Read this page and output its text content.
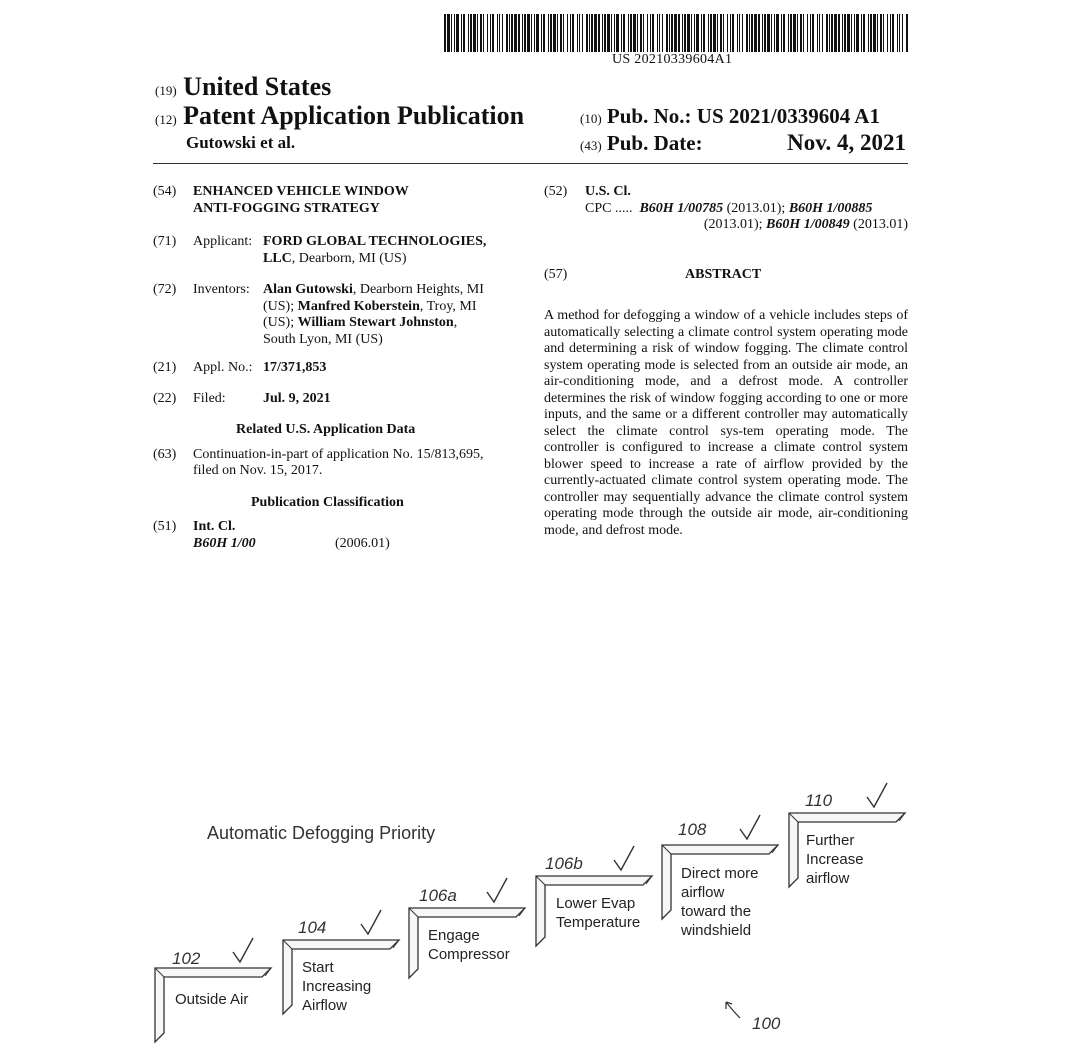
US 20210339604A1
(19) United States
(12) Patent Application Publication
Gutowski et al.
(10) Pub. No.: US 2021/0339604 A1
(43) Pub. Date:	Nov. 4, 2021
(54) ENHANCED VEHICLE WINDOW
ANTI-FOGGING STRATEGY
(71) Applicant: FORD GLOBAL TECHNOLOGIES,
LLC, Dearborn, MI (US)
(72) Inventors: Alan Gutowski, Dearborn Heights, MI
(US); Manfred Koberstein, Troy, MI
(US); William Stewart Johnston,
South Lyon, MI (US)
(21) Appl. No.: 17/371,853
(22) Filed:	Jul. 9, 2021
Related U.S. Application Data
(63) Continuation-in-part of application No. 15/813,695,
filed on Nov. 15, 2017.
Publication Classification
(51) Int. Cl.
B60H 1/00	(2006.01)
(52) U.S. Cl.
CPC ..... B60H 1/00785 (2013.01); B60H 1/00885
(2013.01); B60H 1/00849 (2013.01)
(57)	ABSTRACT
A method for defogging a window of a vehicle includes steps of automatically selecting a climate control system operating mode and determining a risk of window fogging. The climate control system operating mode is selected from an outside air mode, an air-conditioning mode, and a defrost mode. A controller determines the risk of window fogging according to one or more inputs, and the same or a different controller may automatically select the climate control sys-tem operating mode. The controller is configured to increase a climate control system blower speed to increase a rate of airflow provided by the currently-actuated climate control system operating mode. The controller may sequentially advance the climate control system operating mode through the outside air mode, air-conditioning mode, and defrost mode.
Automatic Defogging Priority
Outside Air
102	Start
Increasing
Airflow
104	Engage
Compressor
106a	Lower Evap
Temperature
106b
Direct more
airflow
toward the
windshield
108
Further
Increase
airflow
110
100
